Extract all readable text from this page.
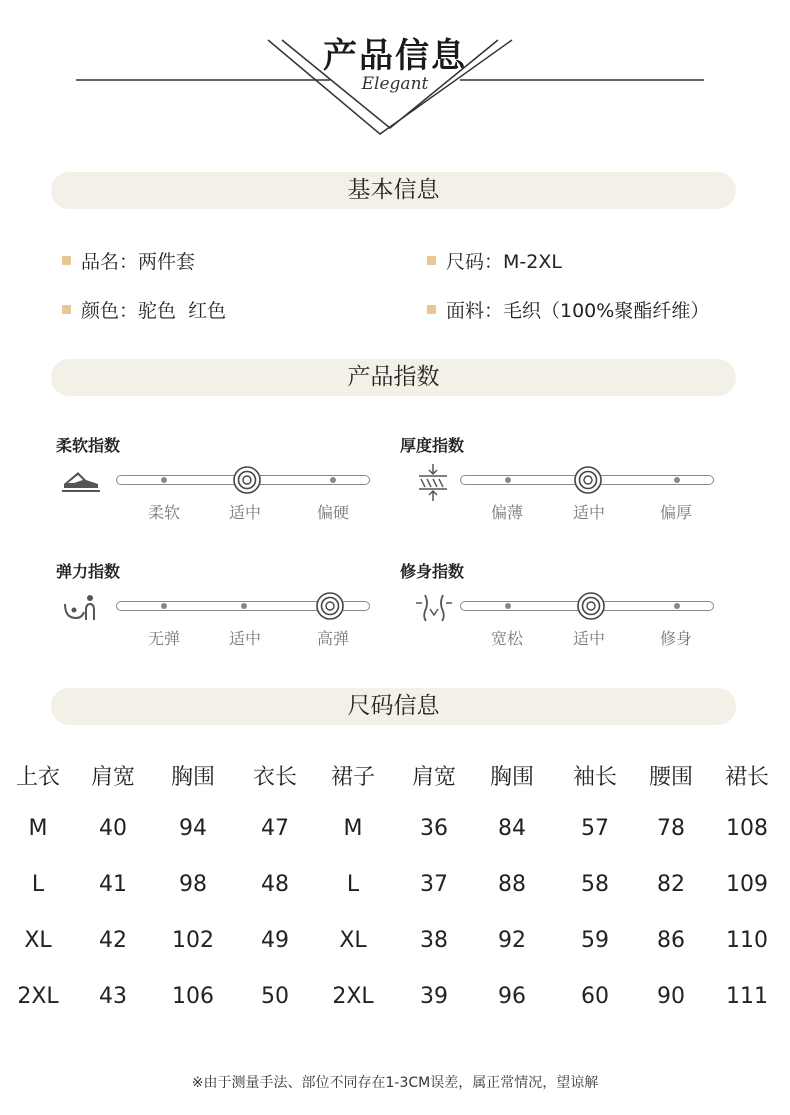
产品信息
Elegant
基本信息
品名：两件套	尺码：M-2XL
颜色：驼色  红色	面料：毛织（100%聚酯纤维）
产品指数
柔软指数
柔软	适中	偏硬
厚度指数
偏薄	适中	偏厚
弹力指数
无弹	适中	高弹
修身指数
宽松	适中	修身
尺码信息
上衣	肩宽	胸围	衣长	裙子	肩宽	胸围	袖长	腰围	裙长
M	40	94	47	M	36	84	57	78	108
L	41	98	48	L	37	88	58	82	109
XL	42	102	49	XL	38	92	59	86	110
2XL	43	106	50	2XL	39	96	60	90	111
※由于测量手法、部位不同存在1-3CM误差，属正常情况，望谅解
